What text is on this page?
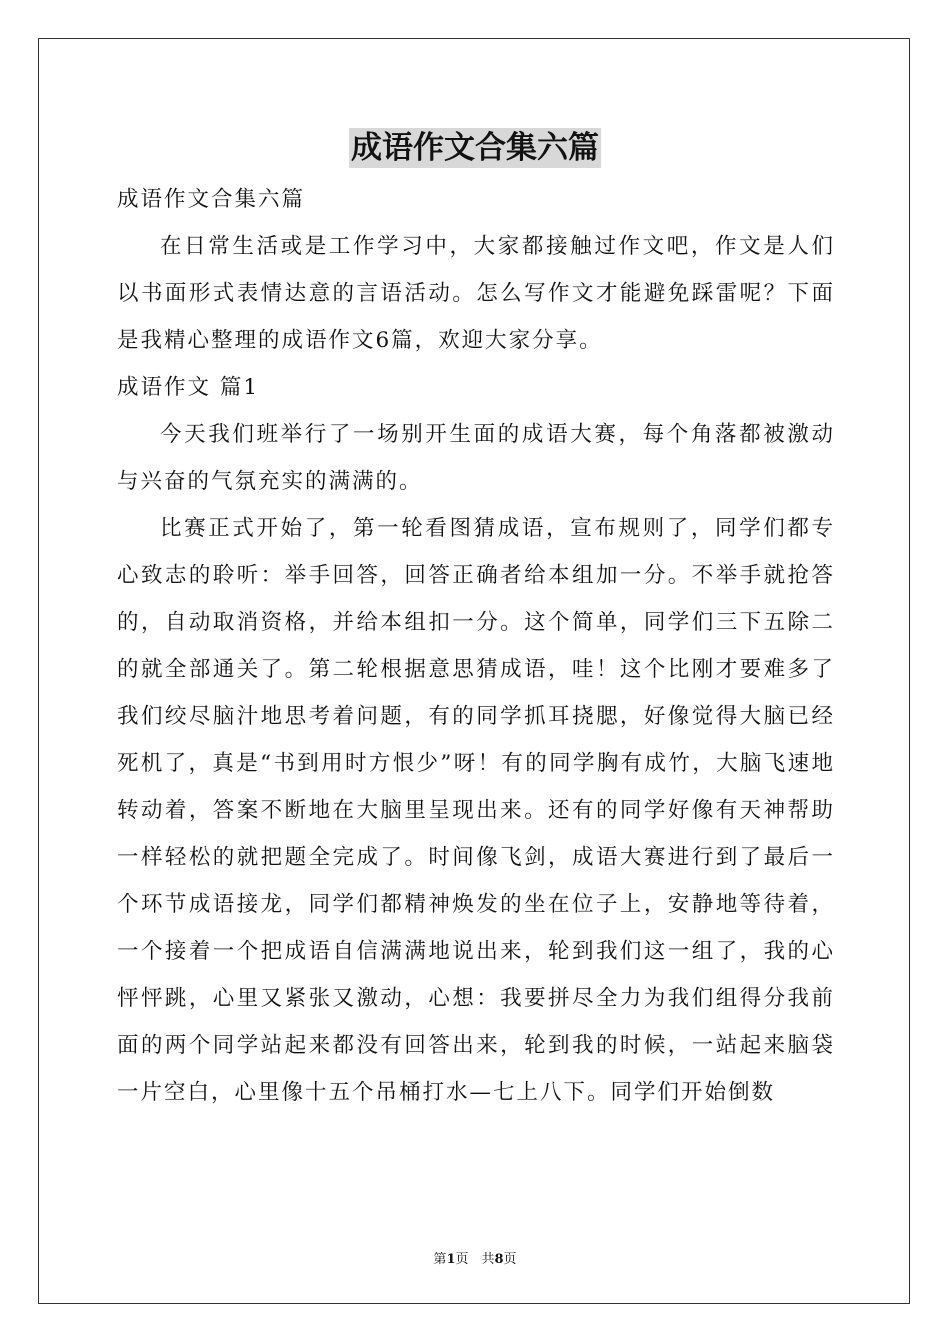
成语作文合集六篇

成语作文合集六篇

在日常生活或是工作学习中，大家都接触过作文吧，作文是人们以书面形式表情达意的言语活动。怎么写作文才能避免踩雷呢？下面是我精心整理的成语作文6篇，欢迎大家分享。

成语作文 篇1

今天我们班举行了一场别开生面的成语大赛，每个角落都被激动与兴奋的气氛充实的满满的。

比赛正式开始了，第一轮看图猜成语，宣布规则了，同学们都专心致志的聆听：举手回答，回答正确者给本组加一分。不举手就抢答的，自动取消资格，并给本组扣一分。这个简单，同学们三下五除二的就全部通关了。第二轮根据意思猜成语，哇！这个比刚才要难多了我们绞尽脑汁地思考着问题，有的同学抓耳挠腮，好像觉得大脑已经死机了，真是“书到用时方恨少”呀！有的同学胸有成竹，大脑飞速地转动着，答案不断地在大脑里呈现出来。还有的同学好像有天神帮助一样轻松的就把题全完成了。时间像飞剑，成语大赛进行到了最后一个环节成语接龙，同学们都精神焕发的坐在位子上，安静地等待着，一个接着一个把成语自信满满地说出来，轮到我们这一组了，我的心怦怦跳，心里又紧张又激动，心想：我要拼尽全力为我们组得分我前面的两个同学站起来都没有回答出来，轮到我的时候，一站起来脑袋一片空白，心里像十五个吊桶打水—七上八下。同学们开始倒数

第1页　共8页
